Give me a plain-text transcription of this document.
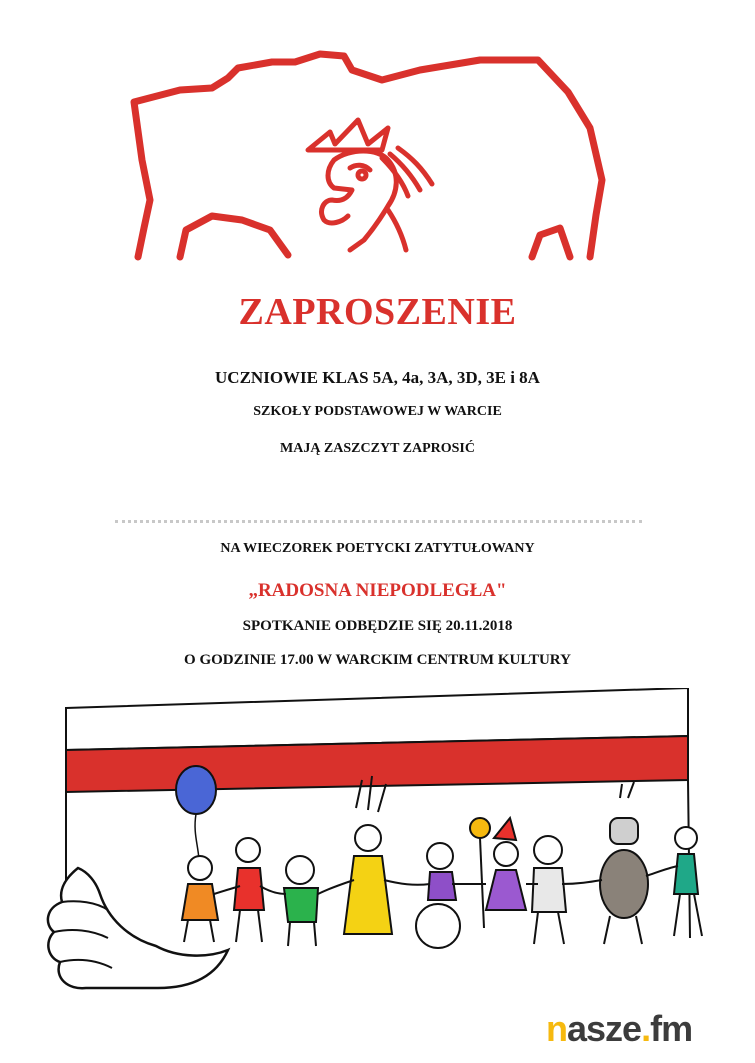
ZAPROSZENIE
UCZNIOWIE KLAS 5A, 4a, 3A, 3D, 3E i 8A
SZKOŁY PODSTAWOWEJ W WARCIE
MAJĄ ZASZCZYT ZAPROSIĆ
NA WIECZOREK POETYCKI ZATYTUŁOWANY
„RADOSNA NIEPODLEGŁA"
SPOTKANIE ODBĘDZIE SIĘ 20.11.2018
O GODZINIE 17.00 W WARCKIM CENTRUM KULTURY
nasze.fm
